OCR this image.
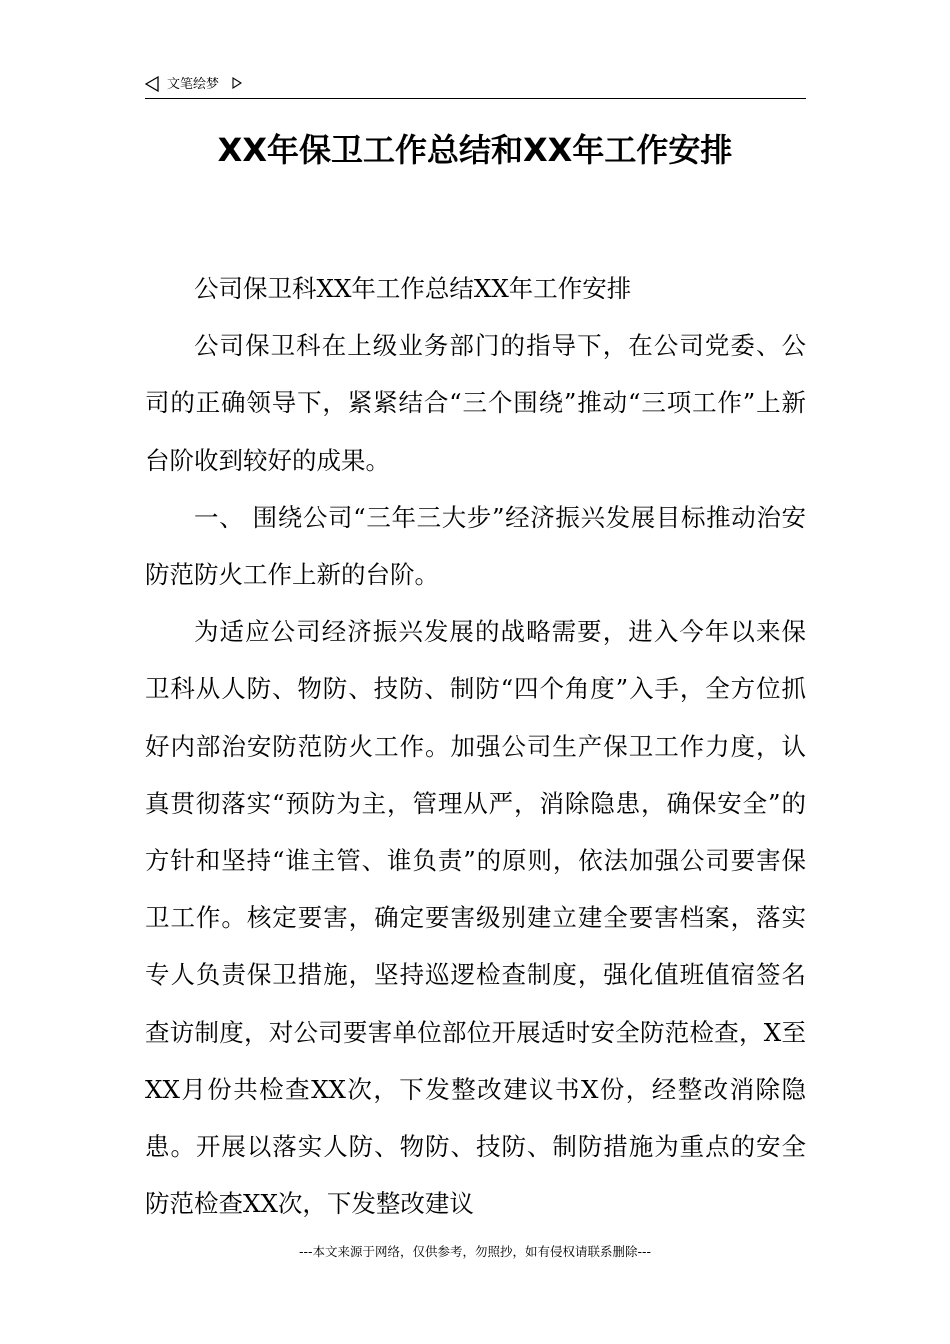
文笔绘梦
XX年保卫工作总结和XX年工作安排

公司保卫科XX年工作总结XX年工作安排

公司保卫科在上级业务部门的指导下，在公司党委、公司的正确领导下，紧紧结合“三个围绕”推动“三项工作”上新台阶收到较好的成果。

一、 围绕公司“三年三大步”经济振兴发展目标推动治安防范防火工作上新的台阶。

为适应公司经济振兴发展的战略需要，进入今年以来保卫科从人防、物防、技防、制防“四个角度”入手，全方位抓好内部治安防范防火工作。加强公司生产保卫工作力度，认真贯彻落实“预防为主，管理从严，消除隐患，确保安全”的方针和坚持“谁主管、谁负责”的原则，依法加强公司要害保卫工作。核定要害，确定要害级别建立建全要害档案，落实专人负责保卫措施，坚持巡逻检查制度，强化值班值宿签名查访制度，对公司要害单位部位开展适时安全防范检查，X至XX月份共检查XX次，下发整改建议书X份，经整改消除隐患。开展以落实人防、物防、技防、制防措施为重点的安全防范检查XX次，下发整改建议

---本文来源于网络，仅供参考，勿照抄，如有侵权请联系删除---
